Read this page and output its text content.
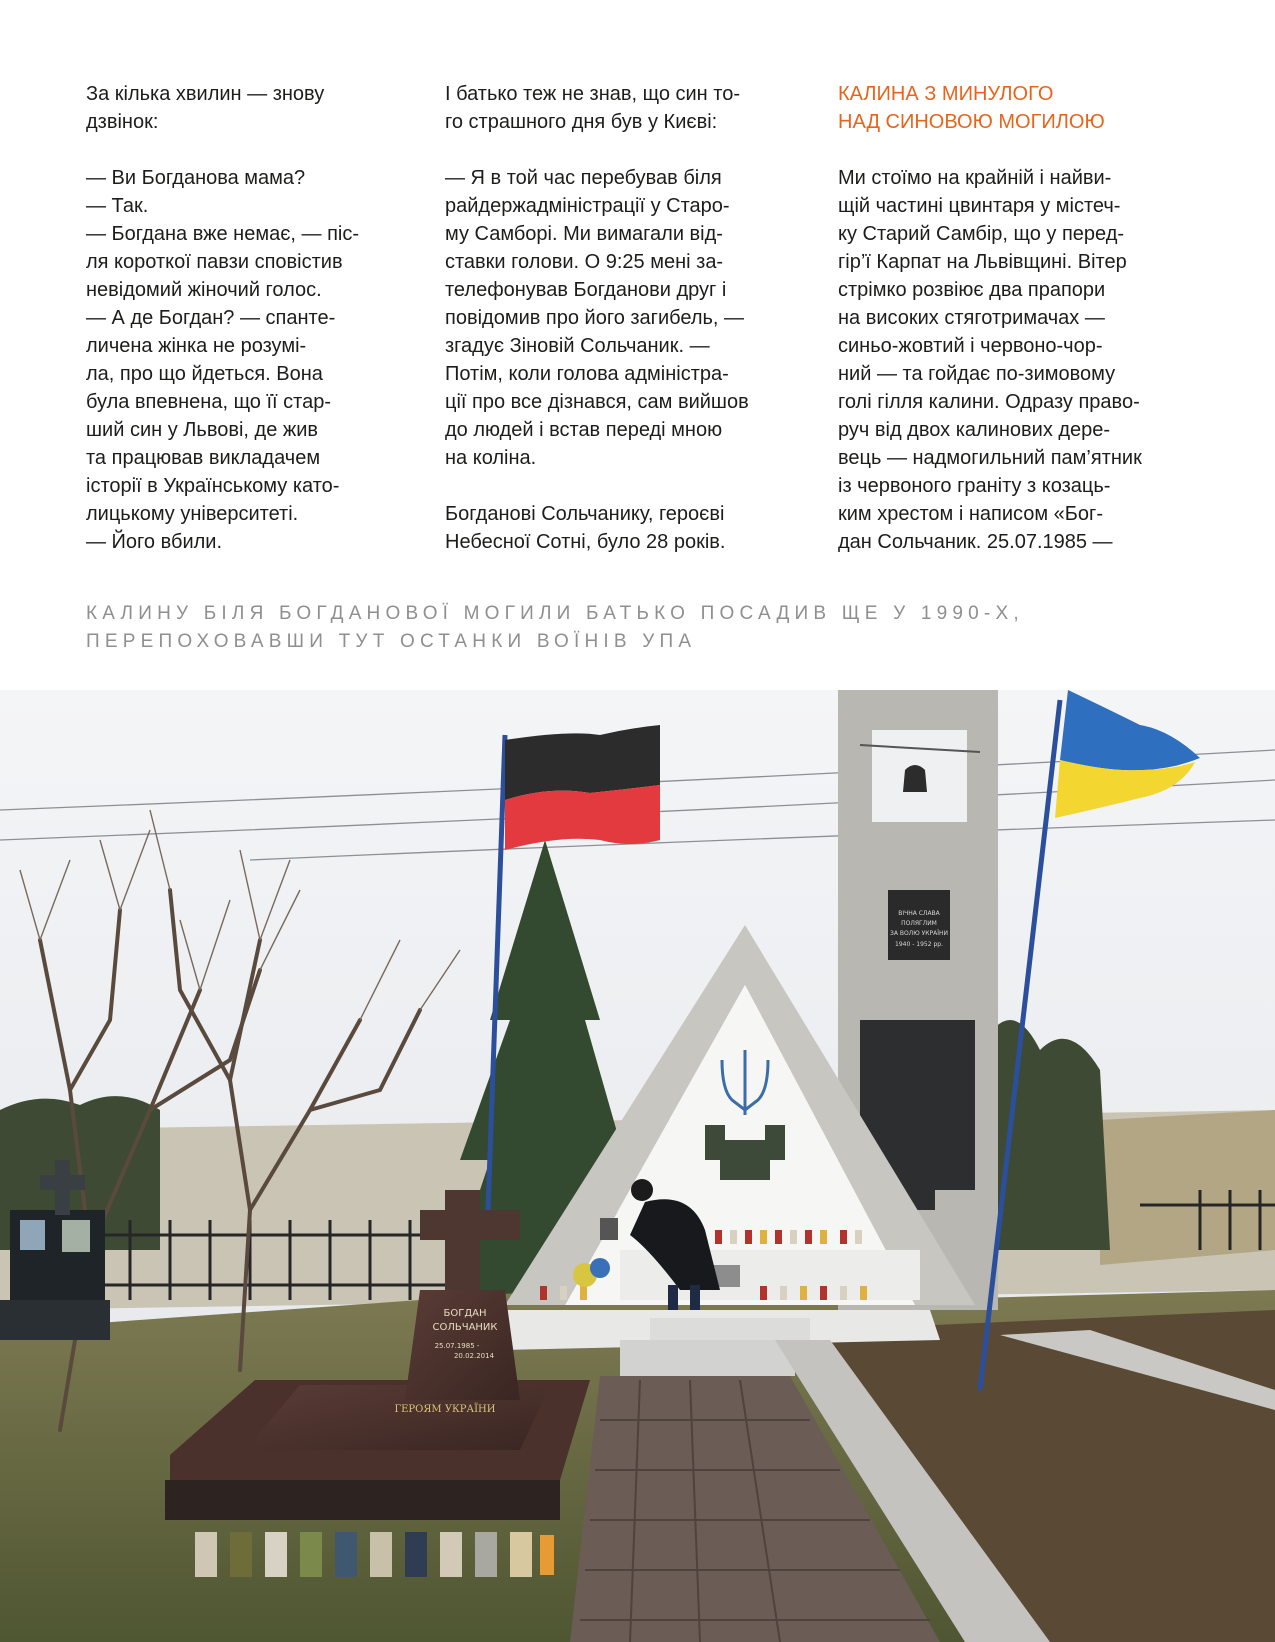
За кілька хвилин — знову
дзвінок:

— Ви Богданова мама?
— Так.
— Богдана вже немає, — піс-
ля короткої павзи сповістив
невідомий жіночий голос.
— А де Богдан? — спанте-
личена жінка не розумі-
ла, про що йдеться. Вона
була впевнена, що її стар-
ший син у Львові, де жив
та працював викладачем
історії в Українському като-
лицькому університеті.
— Його вбили.

І батько теж не знав, що син то-
го страшного дня був у Києві:

— Я в той час перебував біля
райдержадміністрації у Старо-
му Самборі. Ми вимагали від-
ставки голови. О 9:25 мені за-
телефонував Богданови друг і
повідомив про його загибель, —
згадує Зіновій Сольчаник. —
Потім, коли голова адміністра-
ції про все дізнався, сам вийшов
до людей і встав переді мною
на коліна.

Богданові Сольчанику, героєві
Небесної Сотні, було 28 років.

КАЛИНА З МИНУЛОГО
НАД СИНОВОЮ МОГИЛОЮ

Ми стоїмо на крайній і найви-
щій частині цвинтаря у містеч-
ку Старий Самбір, що у перед-
гір’ї Карпат на Львівщині. Вітер
стрімко розвіює два прапори
на високих стяготримачах —
синьо-жовтий і червоно-чор-
ний — та гойдає по-зимовому
голі гілля калини. Одразу право-
руч від двох калинових дере-
вець — надмогильний пам’ятник
із червоного граніту з козаць-
ким хрестом і написом «Бог-
дан Сольчаник. 25.07.1985 —

КАЛИНУ БІЛЯ БОГДАНОВОЇ МОГИЛИ БАТЬКО ПОСАДИВ ЩЕ У 1990-Х,
ПЕРЕПОХОВАВШИ ТУТ ОСТАНКИ ВОЇНІВ УПА

ВІЧНА СЛАВА
ПОЛЯГЛИМ
ЗА ВОЛЮ УКРАЇНИ
1940 - 1952 рр.
ГЕРОЯМ УКРАЇНИ
БОГДАН
СОЛЬЧАНИК
25.07.1985 -
20.02.2014
